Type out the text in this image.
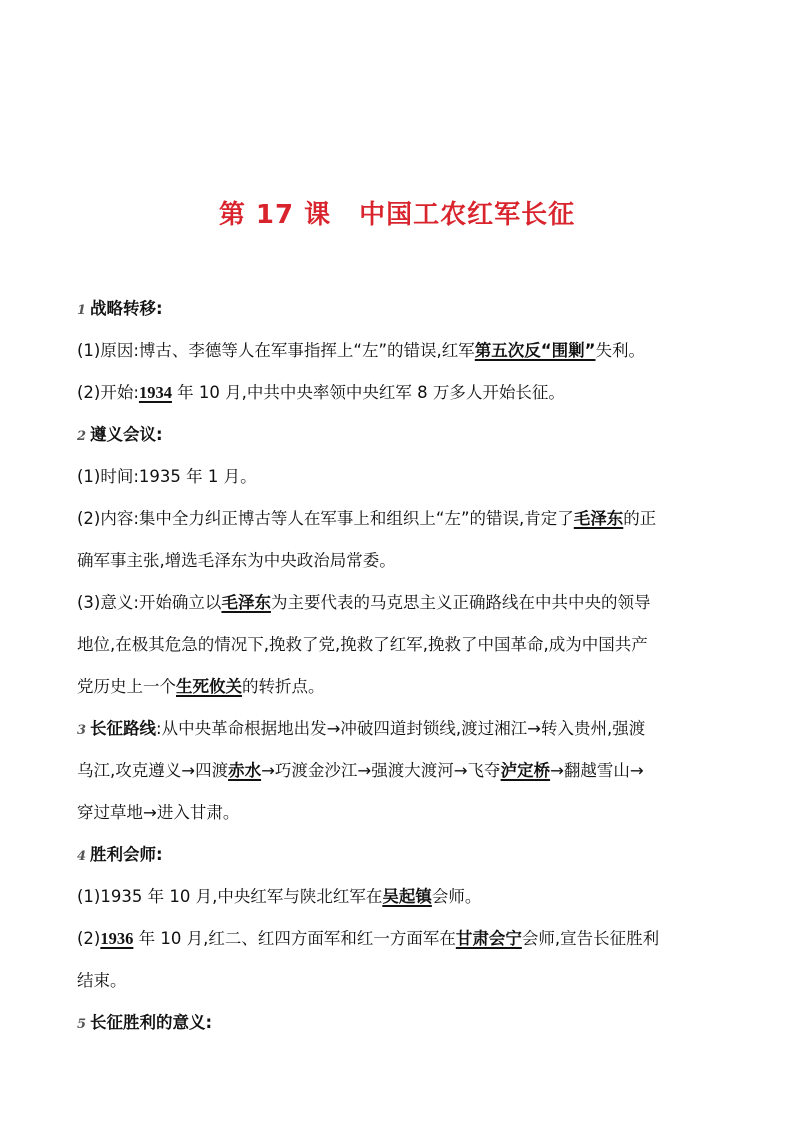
第 17 课 中国工农红军长征
1 战略转移:
(1)原因:博古、李德等人在军事指挥上“左”的错误,红军第五次反“围剿”失利。
(2)开始:1934 年 10 月,中共中央率领中央红军 8 万多人开始长征。
2 遵义会议:
(1)时间:1935 年 1 月。
(2)内容:集中全力纠正博古等人在军事上和组织上“左”的错误,肯定了毛泽东的正
确军事主张,增选毛泽东为中央政治局常委。
(3)意义:开始确立以毛泽东为主要代表的马克思主义正确路线在中共中央的领导
地位,在极其危急的情况下,挽救了党,挽救了红军,挽救了中国革命,成为中国共产
党历史上一个生死攸关的转折点。
3 长征路线:从中央革命根据地出发→冲破四道封锁线,渡过湘江→转入贵州,强渡
乌江,攻克遵义→四渡赤水→巧渡金沙江→强渡大渡河→飞夺泸定桥→翻越雪山→
穿过草地→进入甘肃。
4 胜利会师:
(1)1935 年 10 月,中央红军与陕北红军在吴起镇会师。
(2)1936 年 10 月,红二、红四方面军和红一方面军在甘肃会宁会师,宣告长征胜利
结束。
5 长征胜利的意义:
